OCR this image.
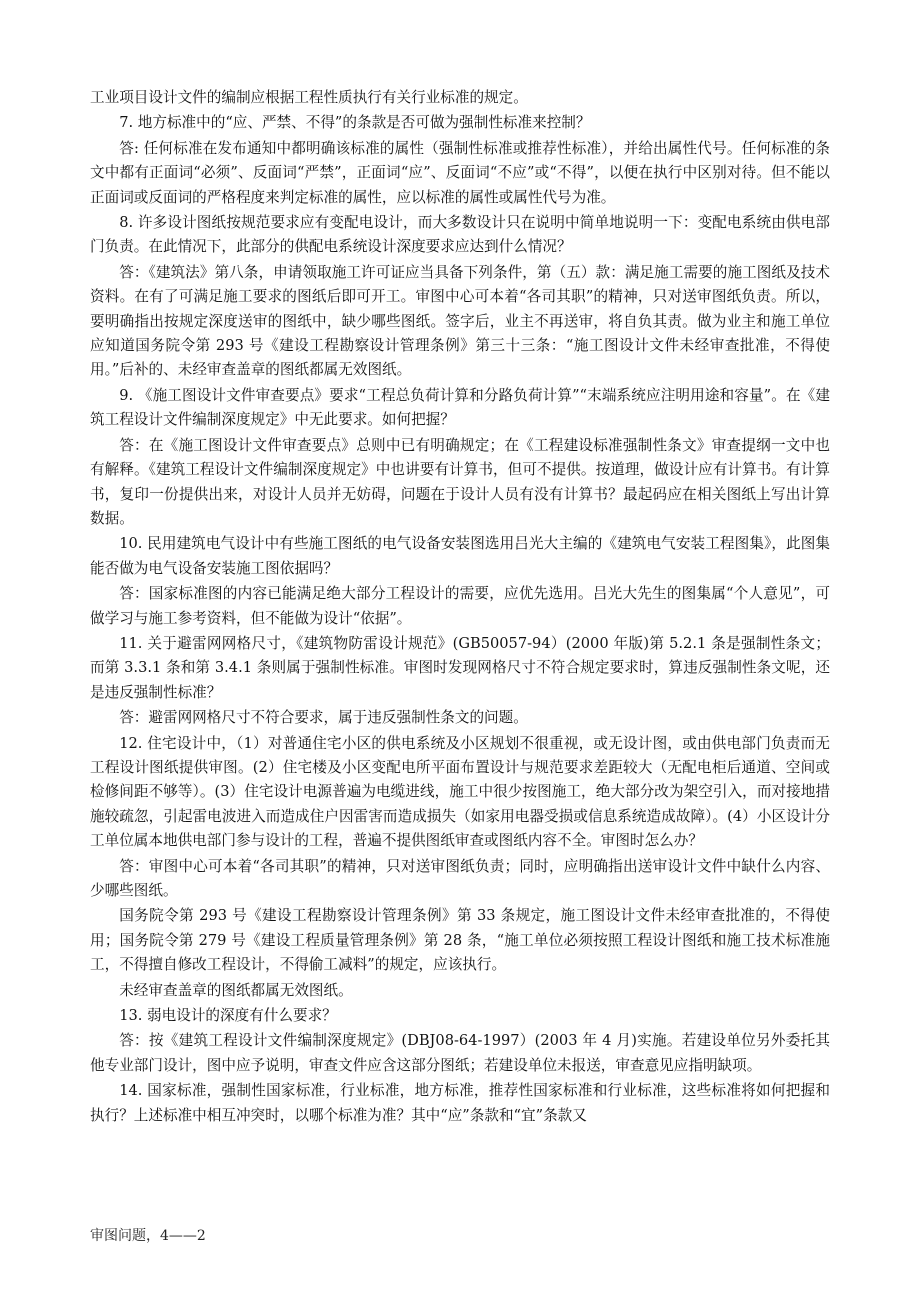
工业项目设计文件的编制应根据工程性质执行有关行业标准的规定。

7. 地方标准中的“应、严禁、不得”的条款是否可做为强制性标准来控制？

答: 任何标准在发布通知中都明确该标准的属性（强制性标准或推荐性标准），并给出属性代号。任何标准的条文中都有正面词“必须”、反面词“严禁”，正面词“应”、反面词“不应”或“不得”，以便在执行中区别对待。但不能以正面词或反面词的严格程度来判定标准的属性，应以标准的属性或属性代号为准。

8. 许多设计图纸按规范要求应有变配电设计，而大多数设计只在说明中简单地说明一下：变配电系统由供电部门负责。在此情况下，此部分的供配电系统设计深度要求应达到什么情况？

答：《建筑法》第八条，申请领取施工许可证应当具备下列条件，第（五）款：满足施工需要的施工图纸及技术资料。在有了可满足施工要求的图纸后即可开工。审图中心可本着“各司其职”的精神，只对送审图纸负责。所以，要明确指出按规定深度送审的图纸中，缺少哪些图纸。签字后，业主不再送审，将自负其责。做为业主和施工单位应知道国务院令第 293 号《建设工程勘察设计管理条例》第三十三条：“施工图设计文件未经审查批准，不得使用。”后补的、未经审查盖章的图纸都属无效图纸。

9. 《施工图设计文件审查要点》要求“工程总负荷计算和分路负荷计算”“末端系统应注明用途和容量”。在《建筑工程设计文件编制深度规定》中无此要求。如何把握？

答：在《施工图设计文件审查要点》总则中已有明确规定；在《工程建设标准强制性条文》审查提纲一文中也有解释。《建筑工程设计文件编制深度规定》中也讲要有计算书，但可不提供。按道理，做设计应有计算书。有计算书，复印一份提供出来，对设计人员并无妨碍，问题在于设计人员有没有计算书？最起码应在相关图纸上写出计算数据。

10. 民用建筑电气设计中有些施工图纸的电气设备安装图选用吕光大主编的《建筑电气安装工程图集》，此图集能否做为电气设备安装施工图依据吗？

答：国家标准图的内容已能满足绝大部分工程设计的需要，应优先选用。吕光大先生的图集属“个人意见”，可做学习与施工参考资料，但不能做为设计“依据”。

11. 关于避雷网网格尺寸，《建筑物防雷设计规范》(GB50057-94）(2000 年版)第 5.2.1 条是强制性条文；而第 3.3.1 条和第 3.4.1 条则属于强制性标准。审图时发现网格尺寸不符合规定要求时，算违反强制性条文呢，还是违反强制性标准？

答：避雷网网格尺寸不符合要求，属于违反强制性条文的问题。

12. 住宅设计中，（1）对普通住宅小区的供电系统及小区规划不很重视，或无设计图，或由供电部门负责而无工程设计图纸提供审图。(2）住宅楼及小区变配电所平面布置设计与规范要求差距较大（无配电柜后通道、空间或检修间距不够等）。(3）住宅设计电源普遍为电缆进线，施工中很少按图施工，绝大部分改为架空引入，而对接地措施较疏忽，引起雷电波进入而造成住户因雷害而造成损失（如家用电器受损或信息系统造成故障）。(4）小区设计分工单位属本地供电部门参与设计的工程，普遍不提供图纸审查或图纸内容不全。审图时怎么办？

答：审图中心可本着“各司其职”的精神，只对送审图纸负责；同时，应明确指出送审设计文件中缺什么内容、少哪些图纸。

国务院令第 293 号《建设工程勘察设计管理条例》第 33 条规定，施工图设计文件未经审查批准的，不得使用；国务院令第 279 号《建设工程质量管理条例》第 28 条，“施工单位必须按照工程设计图纸和施工技术标准施工，不得擅自修改工程设计，不得偷工减料”的规定，应该执行。

未经审查盖章的图纸都属无效图纸。

13. 弱电设计的深度有什么要求？

答：按《建筑工程设计文件编制深度规定》(DBJ08-64-1997）(2003 年 4 月)实施。若建设单位另外委托其他专业部门设计，图中应予说明，审查文件应含这部分图纸；若建设单位未报送，审查意见应指明缺项。

14. 国家标准，强制性国家标准，行业标准，地方标准，推荐性国家标准和行业标准，这些标准将如何把握和执行？上述标准中相互冲突时，以哪个标准为准？其中“应”条款和“宜”条款又

审图问题，4——2
